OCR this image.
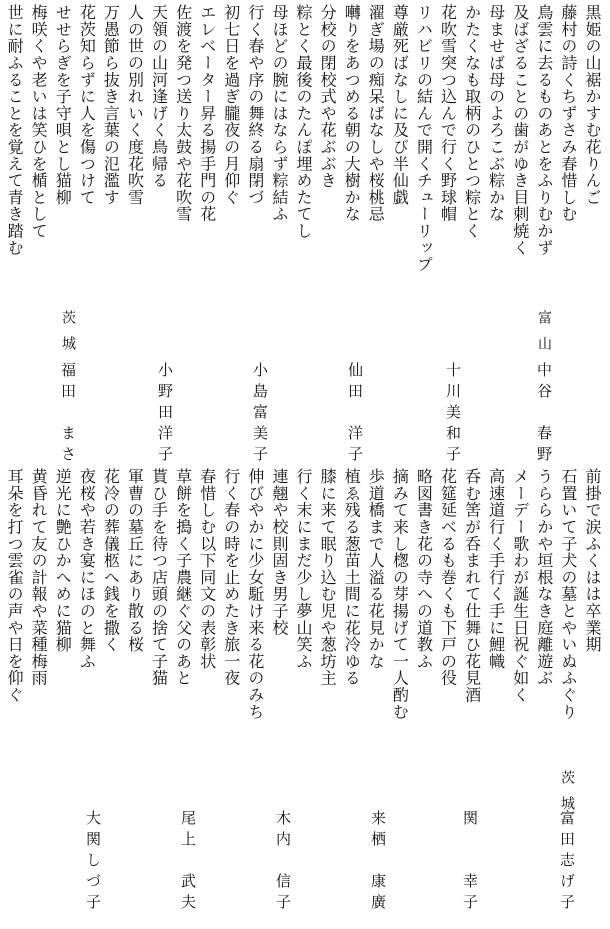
富山
中谷　春野
十川美和子
仙田　洋子
小島富美子
小野田洋子
茨城
福田　まさ
黒姫の山裾かすむ花りんご
藤村の詩くちずさみ春惜しむ
鳥雲に去るものあとをふりむかず
及ばざることの歯がゆき目刺焼く
母ませば母のよろこぶ粽かな
かたくなも取柄のひとつ粽とく
花吹雪突つ込んで行く野球帽
リハビリの結んで開くチューリップ
尊厳死ばなしに及び半仙戯
濯ぎ場の痴呆ばなしや桜桃忌
囀りをあつめる朝の大樹かな
分校の閉校式や花ぶぶき
粽とく最後のたんぽ埋めたてし
母ほどの腕にはならず粽結ふ
行く春や序の舞終る扇閉づ
初七日を過ぎ朧夜の月仰ぐ
エレベーター昇る揚手門の花
佐渡を発つ送り太鼓や花吹雪
天領の山河逢げく鳥帰る
人の世の別れいく度花吹雪
万愚節ら抜き言葉の氾濫す
花茨知らずに人を傷つけて
せせらぎを子守唄とし猫柳
梅咲くや老いは笑ひを楯として
世に耐ふることを覚えて青き踏む
茨城
富田志げ子
関　　幸子
来栖　康廣
木内　信子
尾上　武夫
大関しづ子
前掛で涙ふくはは卒業期
石置いて子犬の墓とやいぬふぐり
うららかや垣根なき庭離遊ぶ
メーデー歌わが誕生日祝ぐ如く
高速道行く手行く手に鯉幟
呑む筈が呑まれて仕舞ひ花見酒
花筵延べるも巻くも下戸の役
略図書き花の寺への道教ふ
摘みて来し楤の芽揚げて一人酌む
歩道橋まで人溢る花見かな
植ゑ残る葱苗土間に花冷ゆる
膝に来て眠り込む児や葱坊主
行く末にまだ少し夢山笑ふ
連翹や校則固き男子校
伸びやかに少女駈け来る花のみち
行く春の時を止めたき旅一夜
春惜しむ以下同文の表彰状
草餅を搗く子農継ぐ父のあと
貰ひ手を待つ店頭の捨て子猫
軍曹の墓丘にあり散る桜
花冷の葬儀柩へ銭を撒く
夜桜や若き宴にほのと舞ふ
逆光に艶ひかへめに猫柳
黄昏れて友の計報や菜種梅雨
耳朵を打つ雲雀の声や日を仰ぐ
